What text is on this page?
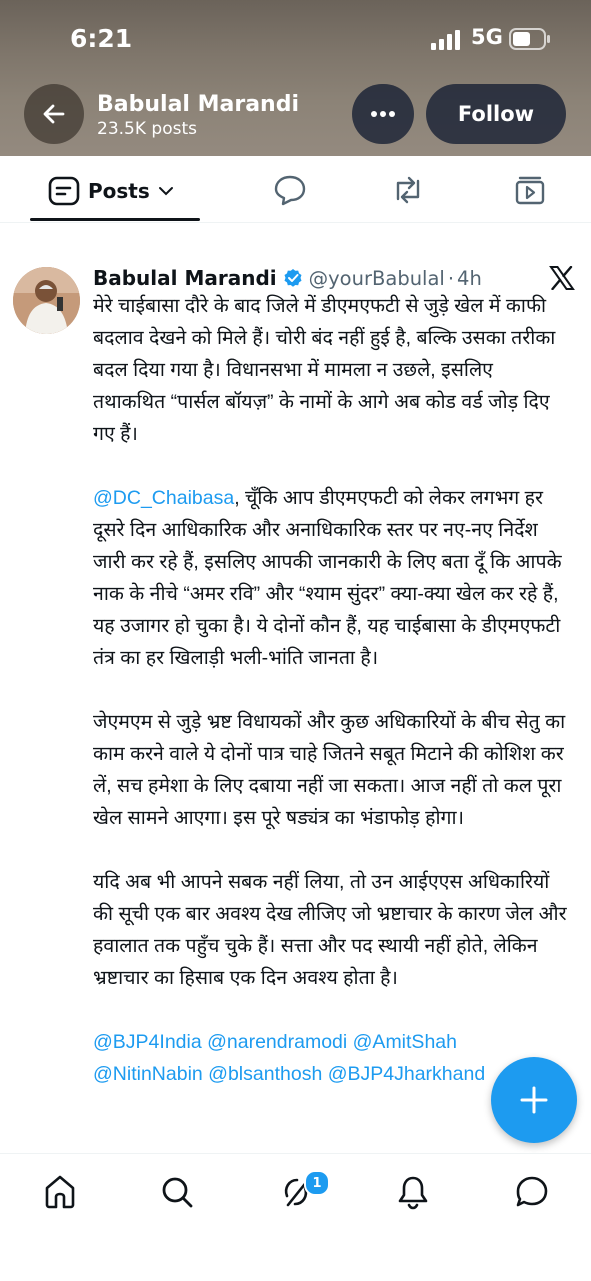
6:21	5G
Babulal Marandi
23.5K posts
Follow
Posts
Babulal Marandi @yourBabulal · 4h

मेरे चाईबासा दौरे के बाद जिले में डीएमएफटी से जुड़े खेल में काफी बदलाव देखने को मिले हैं। चोरी बंद नहीं हुई है, बल्कि उसका तरीका बदल दिया गया है। विधानसभा में मामला न उछले, इसलिए तथाकथित “पार्सल बॉयज़” के नामों के आगे अब कोड वर्ड जोड़ दिए गए हैं।

@DC_Chaibasa, चूँकि आप डीएमएफटी को लेकर लगभग हर दूसरे दिन आधिकारिक और अनाधिकारिक स्तर पर नए-नए निर्देश जारी कर रहे हैं, इसलिए आपकी जानकारी के लिए बता दूँ कि आपके नाक के नीचे “अमर रवि” और “श्याम सुंदर” क्या-क्या खेल कर रहे हैं, यह उजागर हो चुका है। ये दोनों कौन हैं, यह चाईबासा के डीएमएफटी तंत्र का हर खिलाड़ी भली-भांति जानता है।

जेएमएम से जुड़े भ्रष्ट विधायकों और कुछ अधिकारियों के बीच सेतु का काम करने वाले ये दोनों पात्र चाहे जितने सबूत मिटाने की कोशिश कर लें, सच हमेशा के लिए दबाया नहीं जा सकता। आज नहीं तो कल पूरा खेल सामने आएगा। इस पूरे षड्यंत्र का भंडाफोड़ होगा।

यदि अब भी आपने सबक नहीं लिया, तो उन आईएएस अधिकारियों की सूची एक बार अवश्य देख लीजिए जो भ्रष्टाचार के कारण जेल और हवालात तक पहुँच चुके हैं। सत्ता और पद स्थायी नहीं होते, लेकिन भ्रष्टाचार का हिसाब एक दिन अवश्य होता है।

@BJP4India @narendramodi @AmitShah
@NitinNabin @blsanthosh @BJP4Jharkhand
1
